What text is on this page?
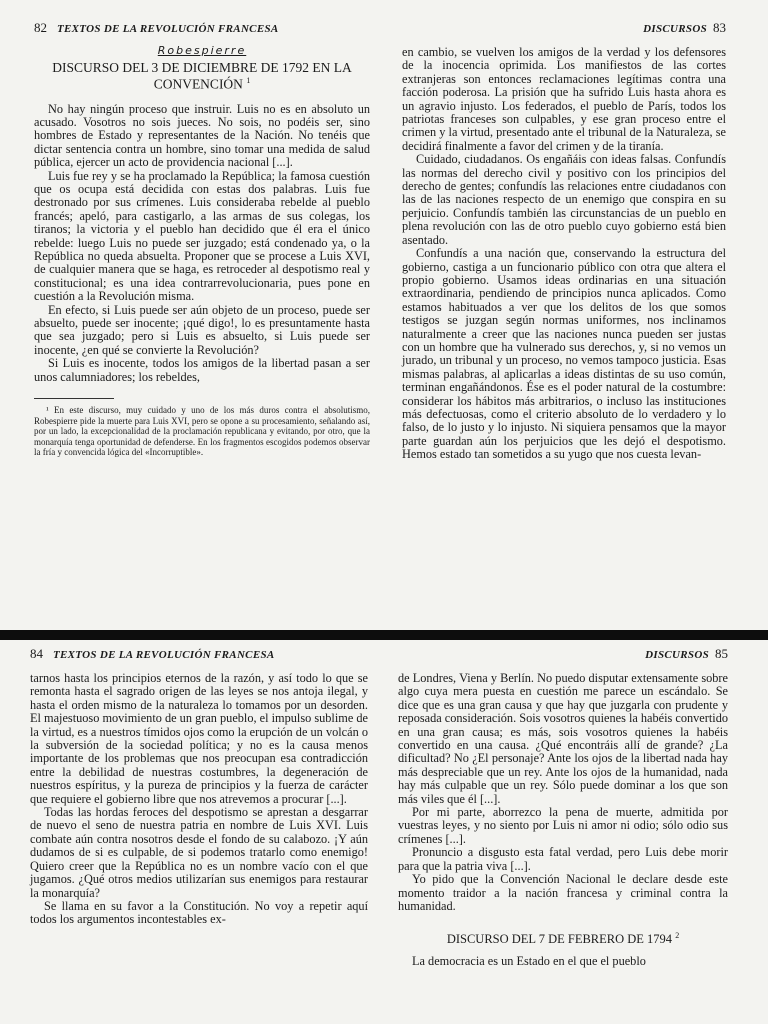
82 TEXTOS DE LA REVOLUCIÓN FRANCESA
Robespierre
DISCURSO DEL 3 DE DICIEMBRE DE 1792 EN LA CONVENCIÓN $^1$

No hay ningún proceso que instruir. Luis no es en absoluto un acusado. Vosotros no sois jueces. No sois, no podéis ser, sino hombres de Estado y representantes de la Nación. No tenéis que dictar sentencia contra un hombre, sino tomar una medida de salud pública, ejercer un acto de providencia nacional [...].

Luis fue rey y se ha proclamado la República; la famosa cuestión que os ocupa está decidida con estas dos palabras. Luis fue destronado por sus crímenes. Luis consideraba rebelde al pueblo francés; apeló, para castigarlo, a las armas de sus colegas, los tiranos; la victoria y el pueblo han decidido que él era el único rebelde: luego Luis no puede ser juzgado; está condenado ya, o la República no queda absuelta. Proponer que se procese a Luis XVI, de cualquier manera que se haga, es retroceder al despotismo real y constitucional; es una idea contrarrevolucionaria, pues pone en cuestión a la Revolución misma.

En efecto, si Luis puede ser aún objeto de un proceso, puede ser absuelto, puede ser inocente; ¡qué digo!, lo es presuntamente hasta que sea juzgado; pero si Luis es absuelto, si Luis puede ser inocente, ¿en qué se convierte la Revolución?

Si Luis es inocente, todos los amigos de la libertad pasan a ser unos calumniadores; los rebeldes,

¹ En este discurso, muy cuidado y uno de los más duros contra el absolutismo, Robespierre pide la muerte para Luis XVI, pero se opone a su procesamiento, señalando así, por un lado, la excepcionalidad de la proclamación republicana y evitando, por otro, que la monarquía tenga oportunidad de defenderse. En los fragmentos escogidos podemos observar la fría y convencida lógica del «Incorruptible».

DISCURSOS 83

en cambio, se vuelven los amigos de la verdad y los defensores de la inocencia oprimida. Los manifiestos de las cortes extranjeras son entonces reclamaciones legítimas contra una facción poderosa. La prisión que ha sufrido Luis hasta ahora es un agravio injusto. Los federados, el pueblo de París, todos los patriotas franceses son culpables, y ese gran proceso entre el crimen y la virtud, presentado ante el tribunal de la Naturaleza, se decidirá finalmente a favor del crimen y de la tiranía.

Cuidado, ciudadanos. Os engañáis con ideas falsas. Confundís las normas del derecho civil y positivo con los principios del derecho de gentes; confundís las relaciones entre ciudadanos con las de las naciones respecto de un enemigo que conspira en su perjuicio. Confundís también las circunstancias de un pueblo en plena revolución con las de otro pueblo cuyo gobierno está bien asentado.

Confundís a una nación que, conservando la estructura del gobierno, castiga a un funcionario público con otra que altera el propio gobierno. Usamos ideas ordinarias en una situación extraordinaria, pendiendo de principios nunca aplicados. Como estamos habituados a ver que los delitos de los que somos testigos se juzgan según normas uniformes, nos inclinamos naturalmente a creer que las naciones nunca pueden ser justas con un hombre que ha vulnerado sus derechos, y, si no vemos un jurado, un tribunal y un proceso, no vemos tampoco justicia. Esas mismas palabras, al aplicarlas a ideas distintas de su uso común, terminan engañándonos. Ése es el poder natural de la costumbre: considerar los hábitos más arbitrarios, o incluso las instituciones más defectuosas, como el criterio absoluto de lo verdadero y lo falso, de lo justo y lo injusto. Ni siquiera pensamos que la mayor parte guardan aún los perjuicios que les dejó el despotismo. Hemos estado tan sometidos a su yugo que nos cuesta levan-

84 TEXTOS DE LA REVOLUCIÓN FRANCESA

tarnos hasta los principios eternos de la razón, y así todo lo que se remonta hasta el sagrado origen de las leyes se nos antoja ilegal, y hasta el orden mismo de la naturaleza lo tomamos por un desorden. El majestuoso movimiento de un gran pueblo, el impulso sublime de la virtud, es a nuestros tímidos ojos como la erupción de un volcán o la subversión de la sociedad política; y no es la causa menos importante de los problemas que nos preocupan esa contradicción entre la debilidad de nuestras costumbres, la degeneración de nuestros espíritus, y la pureza de principios y la fuerza de carácter que requiere el gobierno libre que nos atrevemos a procurar [...].

Todas las hordas feroces del despotismo se aprestan a desgarrar de nuevo el seno de nuestra patria en nombre de Luis XVI. Luis combate aún contra nosotros desde el fondo de su calabozo. ¡Y aún dudamos de si es culpable, de si podemos tratarlo como enemigo! Quiero creer que la República no es un nombre vacío con el que jugamos. ¿Qué otros medios utilizarían sus enemigos para restaurar la monarquía?

Se llama en su favor a la Constitución. No voy a repetir aquí todos los argumentos incontestables ex-

DISCURSOS 85

de Londres, Viena y Berlín. No puedo disputar extensamente sobre algo cuya mera puesta en cuestión me parece un escándalo. Se dice que es una gran causa y que hay que juzgarla con prudente y reposada consideración. Sois vosotros quienes la habéis convertido en una gran causa; es más, sois vosotros quienes la habéis convertido en una causa. ¿Qué encontráis allí de grande? ¿La dificultad? No ¿El personaje? Ante los ojos de la libertad nada hay más despreciable que un rey. Ante los ojos de la humanidad, nada hay más culpable que un rey. Sólo puede dominar a los que son más viles que él [...].

Por mi parte, aborrezco la pena de muerte, admitida por vuestras leyes, y no siento por Luis ni amor ni odio; sólo odio sus crímenes [...].

Pronuncio a disgusto esta fatal verdad, pero Luis debe morir para que la patria viva [...].

Yo pido que la Convención Nacional le declare desde este momento traidor a la nación francesa y criminal contra la humanidad.

DISCURSO DEL 7 DE FEBRERO DE 1794 $^2$

La democracia es un Estado en el que el pueblo
